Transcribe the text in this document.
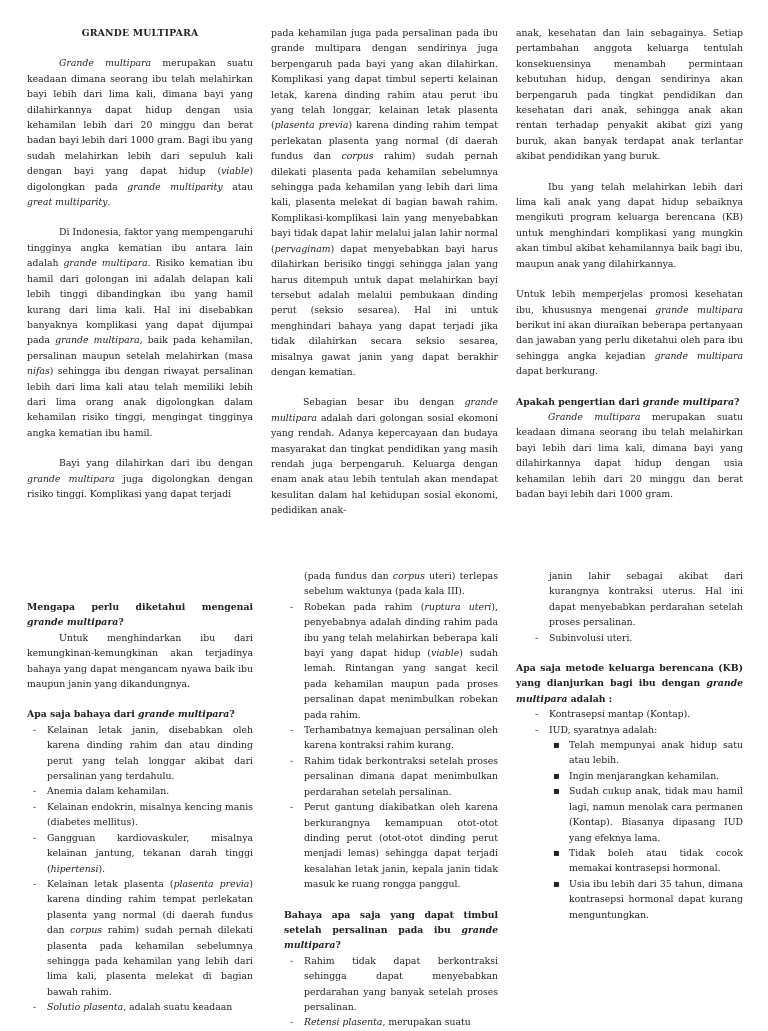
GRANDE MULTIPARA

Grande multipara merupakan suatu keadaan dimana seorang ibu telah melahirkan bayi lebih dari lima kali, dimana bayi yang dilahirkannya dapat hidup dengan usia kehamilan lebih dari 20 minggu dan berat badan bayi lebih dari 1000 gram. Bagi ibu yang sudah melahirkan lebih dari sepuluh kali dengan bayi yang dapat hidup (viable) digolongkan pada grande multiparity atau great multiparity.

Di Indonesia, faktor yang mempengaruhi tingginya angka kematian ibu antara lain adalah grande multipara. Risiko kematian ibu hamil dari golongan ini adalah delapan kali lebih tinggi dibandingkan ibu yang hamil kurang dari lima kali. Hal ini disebabkan banyaknya komplikasi yang dapat dijumpai pada grande multipara, baik pada kehamilan, persalinan maupun setelah melahirkan (masa nifas) sehingga ibu dengan riwayat persalinan lebih dari lima kali atau telah memiliki lebih dari lima orang anak digolongkan dalam kehamilan risiko tinggi, mengingat tingginya angka kematian ibu hamil.

Bayi yang dilahirkan dari ibu dengan grande multipara juga digolongkan dengan risiko tinggi. Komplikasi yang dapat terjadi

pada kehamilan juga pada persalinan pada ibu grande multipara dengan sendirinya juga berpengaruh pada bayi yang akan dilahirkan. Komplikasi yang dapat timbul seperti kelainan letak, karena dinding rahim atau perut ibu yang telah longgar, kelainan letak plasenta (plasenta previa) karena dinding rahim tempat perlekatan plasenta yang normal (di daerah fundus dan corpus rahim) sudah pernah dilekati plasenta pada kehamilan sebelumnya sehingga pada kehamilan yang lebih dari lima kali, plasenta melekat di bagian bawah rahim. Komplikasi-komplikasi lain yang menyebabkan bayi tidak dapat lahir melalui jalan lahir normal (pervaginam) dapat menyebabkan bayi harus dilahirkan berisiko tinggi sehingga jalan yang harus ditempuh untuk dapat melahirkan bayi tersebut adalah melalui pembukaan dinding perut (seksio sesarea). Hal ini untuk menghindari bahaya yang dapat terjadi jika tidak dilahirkan secara seksio sesarea, misalnya gawat janin yang dapat berakhir dengan kematian.

Sebagian besar ibu dengan grande multipara adalah dari golongan sosial ekomoni yang rendah. Adanya kepercayaan dan budaya masyarakat dan tingkat pendidikan yang masih rendah juga berpengaruh. Keluarga dengan enam anak atau lebih tentulah akan mendapat kesulitan dalam hal kehidupan sosial ekonomi, pedidikan anak-

anak, kesehatan dan lain sebagainya. Setiap pertambahan anggota keluarga tentulah konsekuensinya menambah permintaan kebutuhan hidup, dengan sendirinya akan berpengaruh pada tingkat pendidikan dan kesehatan dari anak, sehingga anak akan rentan terhadap penyakit akibat gizi yang buruk, akan banyak terdapat anak terlantar akibat pendidikan yang buruk.

Ibu yang telah melahirkan lebih dari lima kali anak yang dapat hidup sebaiknya mengikuti program keluarga berencana (KB) untuk menghindari komplikasi yang mungkin akan timbul akibat kehamilannya baik bagi ibu, maupun anak yang dilahirkannya.

Untuk lebih memperjelas promosi kesehatan ibu, khususnya mengenai grande multipara berikut ini akan diuraikan beberapa pertanyaan dan jawaban yang perlu diketahui oleh para ibu sehingga angka kejadian grande multipara dapat berkurang.

Apakah pengertian dari grande multipara?

Grande multipara merupakan suatu keadaan dimana seorang ibu telah melahirkan bayi lebih dari lima kali, dimana bayi yang dilahirkannya dapat hidup dengan usia kehamilan lebih dari 20 minggu dan berat badan bayi lebih dari 1000 gram.

Mengapa perlu diketahui mengenai grande multipara?

Untuk menghindarkan ibu dari kemungkinan-kemungkinan akan terjadinya bahaya yang dapat mengancam nyawa baik ibu maupun janin yang dikandungnya.

Apa saja bahaya dari grande multipara?

- Kelainan letak janin, disebabkan oleh karena dinding rahim dan atau dinding perut yang telah longgar akibat dari persalinan yang terdahulu.
- Anemia dalam kehamilan.
- Kelainan endokrin, misalnya kencing manis (diabetes mellitus).
- Gangguan kardiovaskuler, misalnya kelainan jantung, tekanan darah tinggi (hipertensi).
- Kelainan letak plasenta (plasenta previa) karena dinding rahim tempat perlekatan plasenta yang normal (di daerah fundus dan corpus rahim) sudah pernah dilekati plasenta pada kehamilan sebelumnya sehingga pada kehamilan yang lebih dari lima kali, plasenta melekat di bagian bawah rahim.
- Solutio plasenta, adalah suatu keadaan

(pada fundus dan corpus uteri) terlepas sebelum waktunya (pada kala III).

- Robekan pada rahim (ruptura uteri), penyebabnya adalah dinding rahim pada ibu yang telah melahirkan beberapa kali bayi yang dapat hidup (viable) sudah lemah. Rintangan yang sangat kecil pada kehamilan maupun pada proses persalinan dapat menimbulkan robekan pada rahim.
- Terhambatnya kemajuan persalinan oleh karena kontraksi rahim kurang.
- Rahim tidak berkontraksi setelah proses persalinan dimana dapat menimbulkan perdarahan setelah persalinan.
- Perut gantung diakibatkan oleh karena berkurangnya kemampuan otot-otot dinding perut (otot-otot dinding perut menjadi lemas) sehingga dapat terjadi kesalahan letak janin, kepala janin tidak masuk ke ruang rongga panggul.

Bahaya apa saja yang dapat timbul setelah persalinan pada ibu grande multipara?

- Rahim tidak dapat berkontraksi sehingga dapat menyebabkan perdarahan yang banyak setelah proses persalinan.
- Retensi plasenta, merupakan suatu

janin lahir sebagai akibat dari kurangnya kontraksi uterus. Hal ini dapat menyebabkan perdarahan setelah proses persalinan.

- Subinvolusi uteri.

Apa saja metode keluarga berencana (KB) yang dianjurkan bagi ibu dengan grande multipara adalah :

- Kontrasepsi mantap (Kontap).
- IUD, syaratnya adalah:
▪ Telah mempunyai anak hidup satu atau lebih.
▪ Ingin menjarangkan kehamilan.
▪ Sudah cukup anak, tidak mau hamil lagi, namun menolak cara permanen (Kontap). Biasanya dipasang IUD yang efeknya lama.
▪ Tidak boleh atau tidak cocok memakai kontrasepsi hormonal.
▪ Usia ibu lebih dari 35 tahun, dimana kontrasepsi hormonal dapat kurang menguntungkan.
